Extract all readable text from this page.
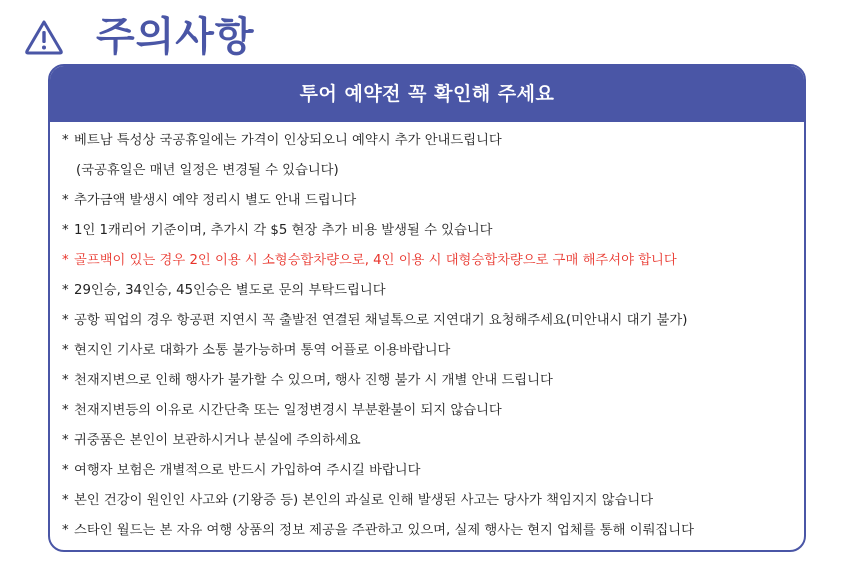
주의사항
투어 예약전 꼭 확인해 주세요
* 베트남 특성상 국공휴일에는 가격이 인상되오니 예약시 추가 안내드립니다
(국공휴일은 매년 일정은 변경될 수 있습니다)
* 추가금액 발생시 예약 정리시 별도 안내 드립니다
* 1인 1캐리어 기준이며, 추가시 각 $5 현장 추가 비용 발생될 수 있습니다
* 골프백이 있는 경우 2인 이용 시 소형승합차량으로, 4인 이용 시 대형승합차량으로 구매 해주셔야 합니다
* 29인승, 34인승, 45인승은 별도로 문의 부탁드립니다
* 공항 픽업의 경우 항공편 지연시 꼭 출발전 연결된 채널톡으로 지연대기 요청해주세요(미안내시 대기 불가)
* 현지인 기사로 대화가 소통 불가능하며 통역 어플로 이용바랍니다
* 천재지변으로 인해 행사가 불가할 수 있으며, 행사 진행 불가 시 개별 안내 드립니다
* 천재지변등의 이유로 시간단축 또는 일정변경시 부분환불이 되지 않습니다
* 귀중품은 본인이 보관하시거나 분실에 주의하세요
* 여행자 보험은 개별적으로 반드시 가입하여 주시길 바랍니다
* 본인 건강이 원인인 사고와 (기왕증 등) 본인의 과실로 인해 발생된 사고는 당사가 책임지지 않습니다
* 스타인 월드는 본 자유 여행 상품의 정보 제공을 주관하고 있으며, 실제 행사는 현지 업체를 통해 이뤄집니다
